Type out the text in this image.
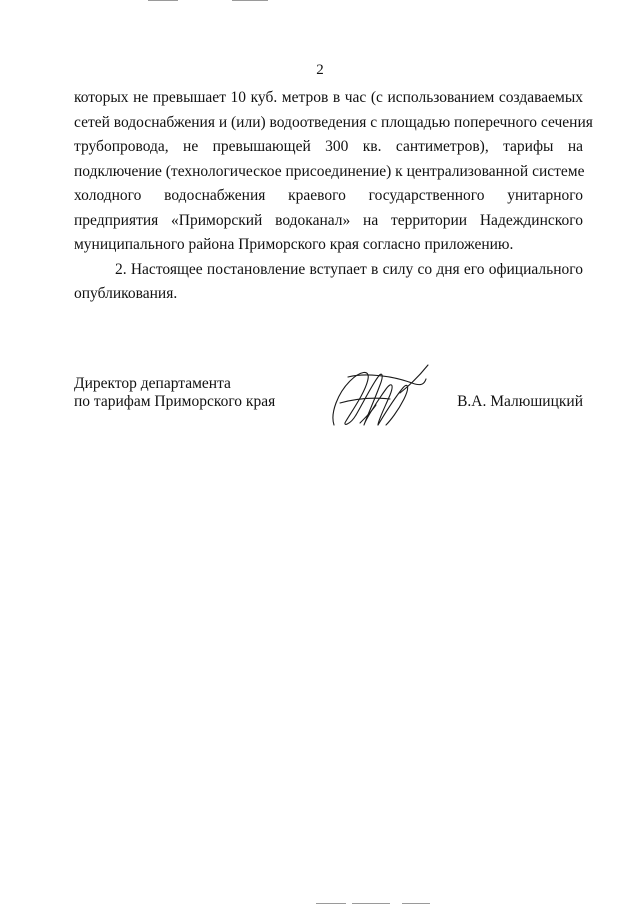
2
которых не превышает 10 куб. метров в час (с использованием создаваемых
сетей водоснабжения и (или) водоотведения с площадью поперечного сечения
трубопровода, не превышающей 300 кв. сантиметров), тарифы на
подключение (технологическое присоединение) к централизованной системе
холодного водоснабжения краевого государственного унитарного
предприятия «Приморский водоканал» на территории Надеждинского
муниципального района Приморского края согласно приложению.
2. Настоящее постановление вступает в силу со дня его официального
опубликования.
Директор департамента
по тарифам Приморского края	В.А. Малюшицкий
